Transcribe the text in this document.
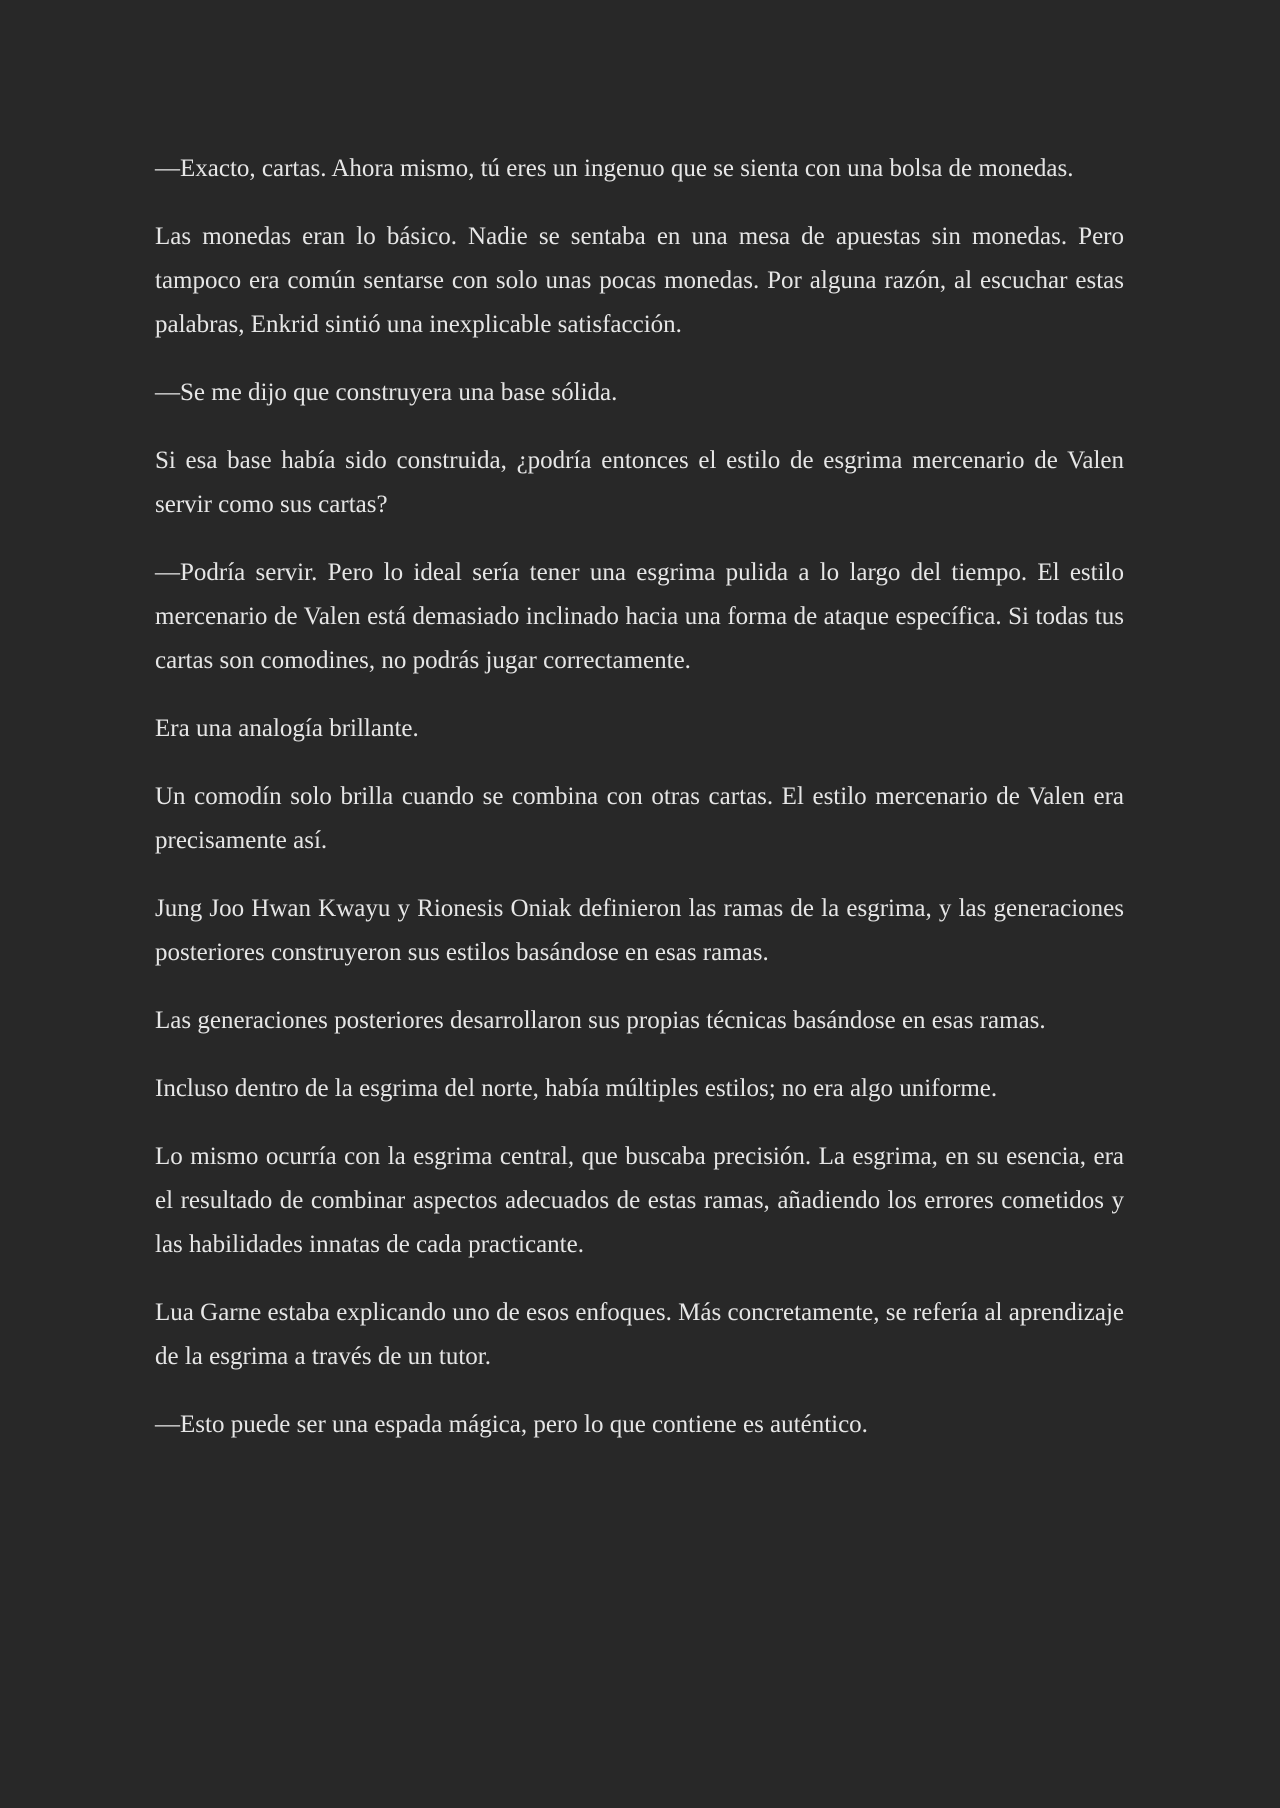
—Exacto, cartas. Ahora mismo, tú eres un ingenuo que se sienta con una bolsa de monedas.

Las monedas eran lo básico. Nadie se sentaba en una mesa de apuestas sin monedas. Pero tampoco era común sentarse con solo unas pocas monedas. Por alguna razón, al escuchar estas palabras, Enkrid sintió una inexplicable satisfacción.

—Se me dijo que construyera una base sólida.

Si esa base había sido construida, ¿podría entonces el estilo de esgrima mercenario de Valen servir como sus cartas?

—Podría servir. Pero lo ideal sería tener una esgrima pulida a lo largo del tiempo. El estilo mercenario de Valen está demasiado inclinado hacia una forma de ataque específica. Si todas tus cartas son comodines, no podrás jugar correctamente.

Era una analogía brillante.

Un comodín solo brilla cuando se combina con otras cartas. El estilo mercenario de Valen era precisamente así.

Jung Joo Hwan Kwayu y Rionesis Oniak definieron las ramas de la esgrima, y las generaciones posteriores construyeron sus estilos basándose en esas ramas.

Las generaciones posteriores desarrollaron sus propias técnicas basándose en esas ramas.

Incluso dentro de la esgrima del norte, había múltiples estilos; no era algo uniforme.

Lo mismo ocurría con la esgrima central, que buscaba precisión. La esgrima, en su esencia, era el resultado de combinar aspectos adecuados de estas ramas, añadiendo los errores cometidos y las habilidades innatas de cada practicante.

Lua Garne estaba explicando uno de esos enfoques. Más concretamente, se refería al aprendizaje de la esgrima a través de un tutor.

—Esto puede ser una espada mágica, pero lo que contiene es auténtico.
